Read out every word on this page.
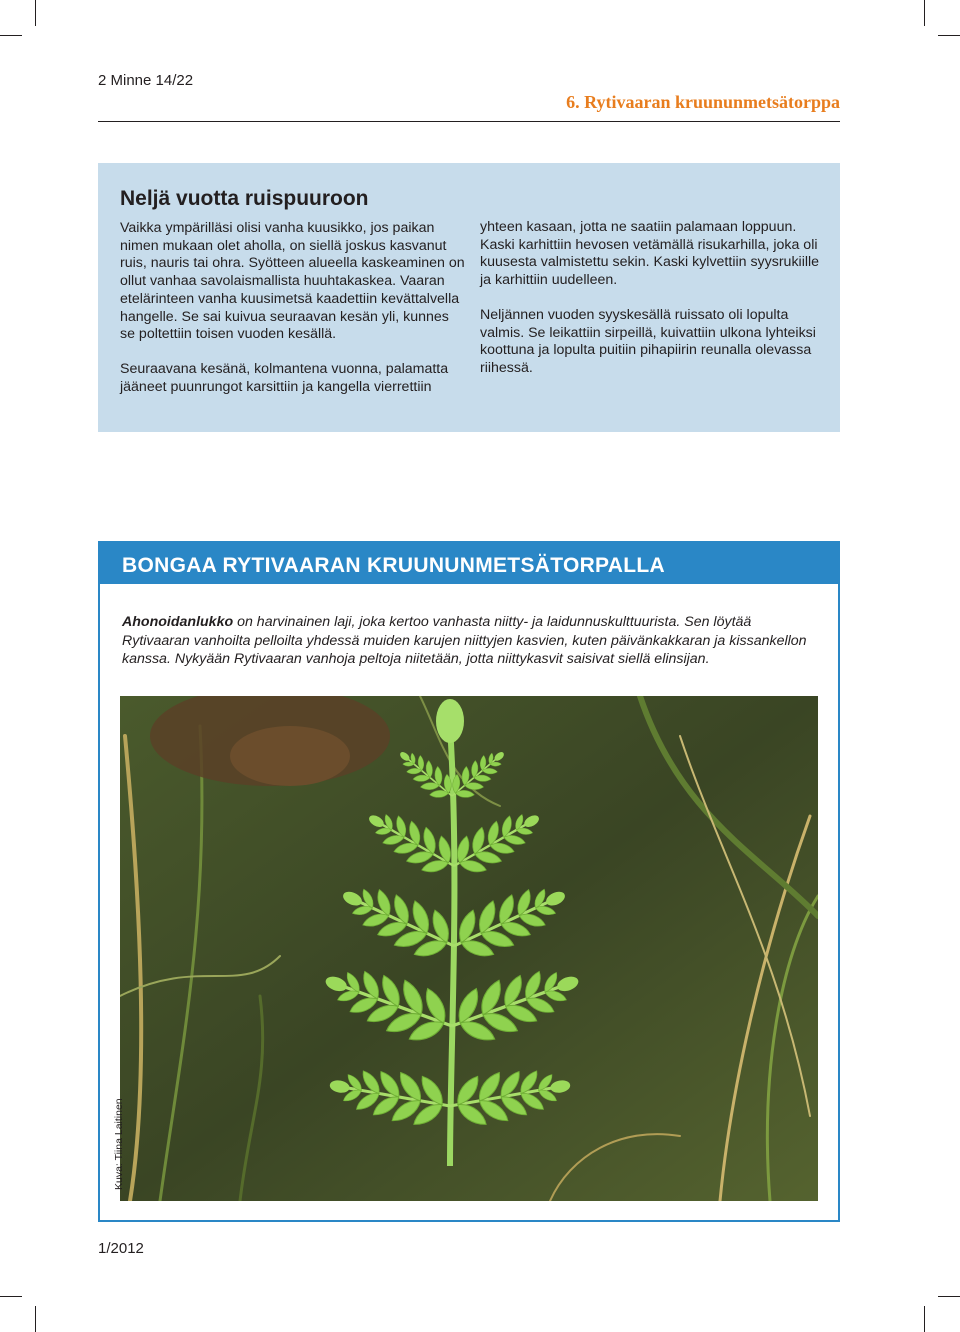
2 Minne 14/22
6. Rytivaaran kruununmetsätorppa
Neljä vuotta ruispuuroon

Vaikka ympärilläsi olisi vanha kuusikko, jos paikan nimen mukaan olet aholla, on siellä joskus kasvanut ruis, nauris tai ohra. Syötteen alueella kaskeaminen on ollut vanhaa savolaismallista huuhtakaskea. Vaaran etelärinteen vanha kuusimetsä kaadettiin kevättalvella hangelle. Se sai kuivua seuraavan kesän yli, kunnes se poltettiin toisen vuoden kesällä.

Seuraavana kesänä, kolmantena vuonna, palamatta jääneet puunrungot karsittiin ja kangella vierrettiin

yhteen kasaan, jotta ne saatiin palamaan loppuun. Kaski karhittiin hevosen vetämällä risukarhilla, joka oli kuusesta valmistettu sekin. Kaski kylvettiin syysrukiille ja karhittiin uudelleen.

Neljännen vuoden syyskesällä ruissato oli lopulta valmis. Se leikattiin sirpeillä, kuivattiin ulkona lyhteiksi koottuna ja lopulta puitiin pihapiirin reunalla olevassa riihessä.

BONGAA RYTIVAARAN KRUUNUNMETSÄTORPALLA
Ahonoidanlukko on harvinainen laji, joka kertoo vanhasta niitty- ja laidunnuskulttuurista. Sen löytää Rytivaaran vanhoilta pelloilta yhdessä muiden karujen niittyjen kasvien, kuten päivänkakkaran ja kissankellon kanssa. Nykyään Rytivaaran vanhoja peltoja niitetään, jotta niittykasvit saisivat siellä elinsijan.
Kuva: Tiina Laitinen
1/2012
